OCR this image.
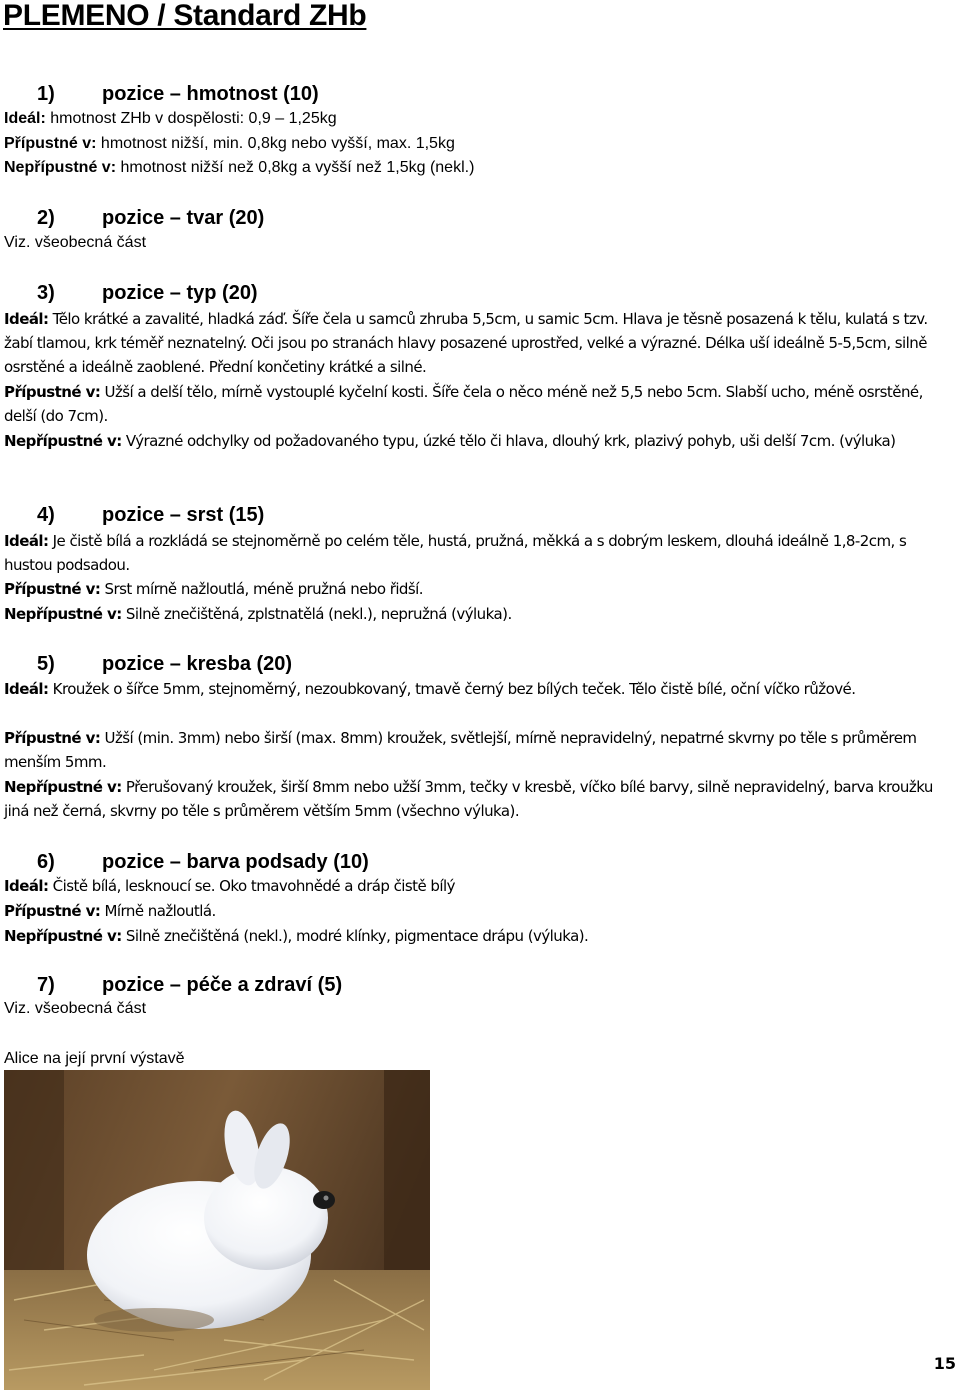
PLEMENO / Standard ZHb
1) pozice – hmotnost (10)

Ideál: hmotnost ZHb v dospělosti: 0,9 – 1,25kg

Přípustné v: hmotnost nižší, min. 0,8kg nebo vyšší, max. 1,5kg

Nepřípustné v: hmotnost nižší než 0,8kg a vyšší než 1,5kg (nekl.)

2) pozice – tvar (20)

Viz. všeobecná část

3) pozice – typ (20)

Ideál: Tělo krátké a zavalité, hladká záď. Šíře čela u samců zhruba 5,5cm, u samic 5cm. Hlava je těsně posazená k tělu, kulatá s tzv. žabí tlamou, krk téměř neznatelný. Oči jsou po stranách hlavy posazené uprostřed, velké a výrazné. Délka uší ideálně 5-5,5cm, silně osrstěné a ideálně zaoblené. Přední končetiny krátké a silné.

Přípustné v: Užší a delší tělo, mírně vystouplé kyčelní kosti. Šíře čela o něco méně než 5,5 nebo 5cm. Slabší ucho, méně osrstěné, delší (do 7cm).

Nepřípustné v: Výrazné odchylky od požadovaného typu, úzké tělo či hlava, dlouhý krk, plazivý pohyb, uši delší 7cm. (výluka)

4) pozice – srst (15)

Ideál: Je čistě bílá a rozkládá se stejnoměrně po celém těle, hustá, pružná, měkká a s dobrým leskem, dlouhá ideálně 1,8-2cm, s hustou podsadou.

Přípustné v: Srst mírně nažloutlá, méně pružná nebo řidší.

Nepřípustné v: Silně znečištěná, zplstnatělá (nekl.), nepružná (výluka).

5) pozice – kresba (20)

Ideál: Kroužek o šířce 5mm, stejnoměrný, nezoubkovaný, tmavě černý bez bílých teček. Tělo čistě bílé, oční víčko růžové.

Přípustné v: Užší (min. 3mm) nebo širší (max. 8mm) kroužek, světlejší, mírně nepravidelný, nepatrné skvrny po těle s průměrem menším 5mm.

Nepřípustné v: Přerušovaný kroužek, širší 8mm nebo užší 3mm, tečky v kresbě, víčko bílé barvy, silně nepravidelný, barva kroužku jiná než černá, skvrny po těle s průměrem větším 5mm (všechno výluka).

6) pozice – barva podsady (10)

Ideál: Čistě bílá, lesknoucí se. Oko tmavohnědé a dráp čistě bílý

Přípustné v: Mírně nažloutlá.

Nepřípustné v: Silně znečištěná (nekl.), modré klínky, pigmentace drápu (výluka).

7) pozice – péče a zdraví (5)

Viz. všeobecná část

Alice na její první výstavě

15
